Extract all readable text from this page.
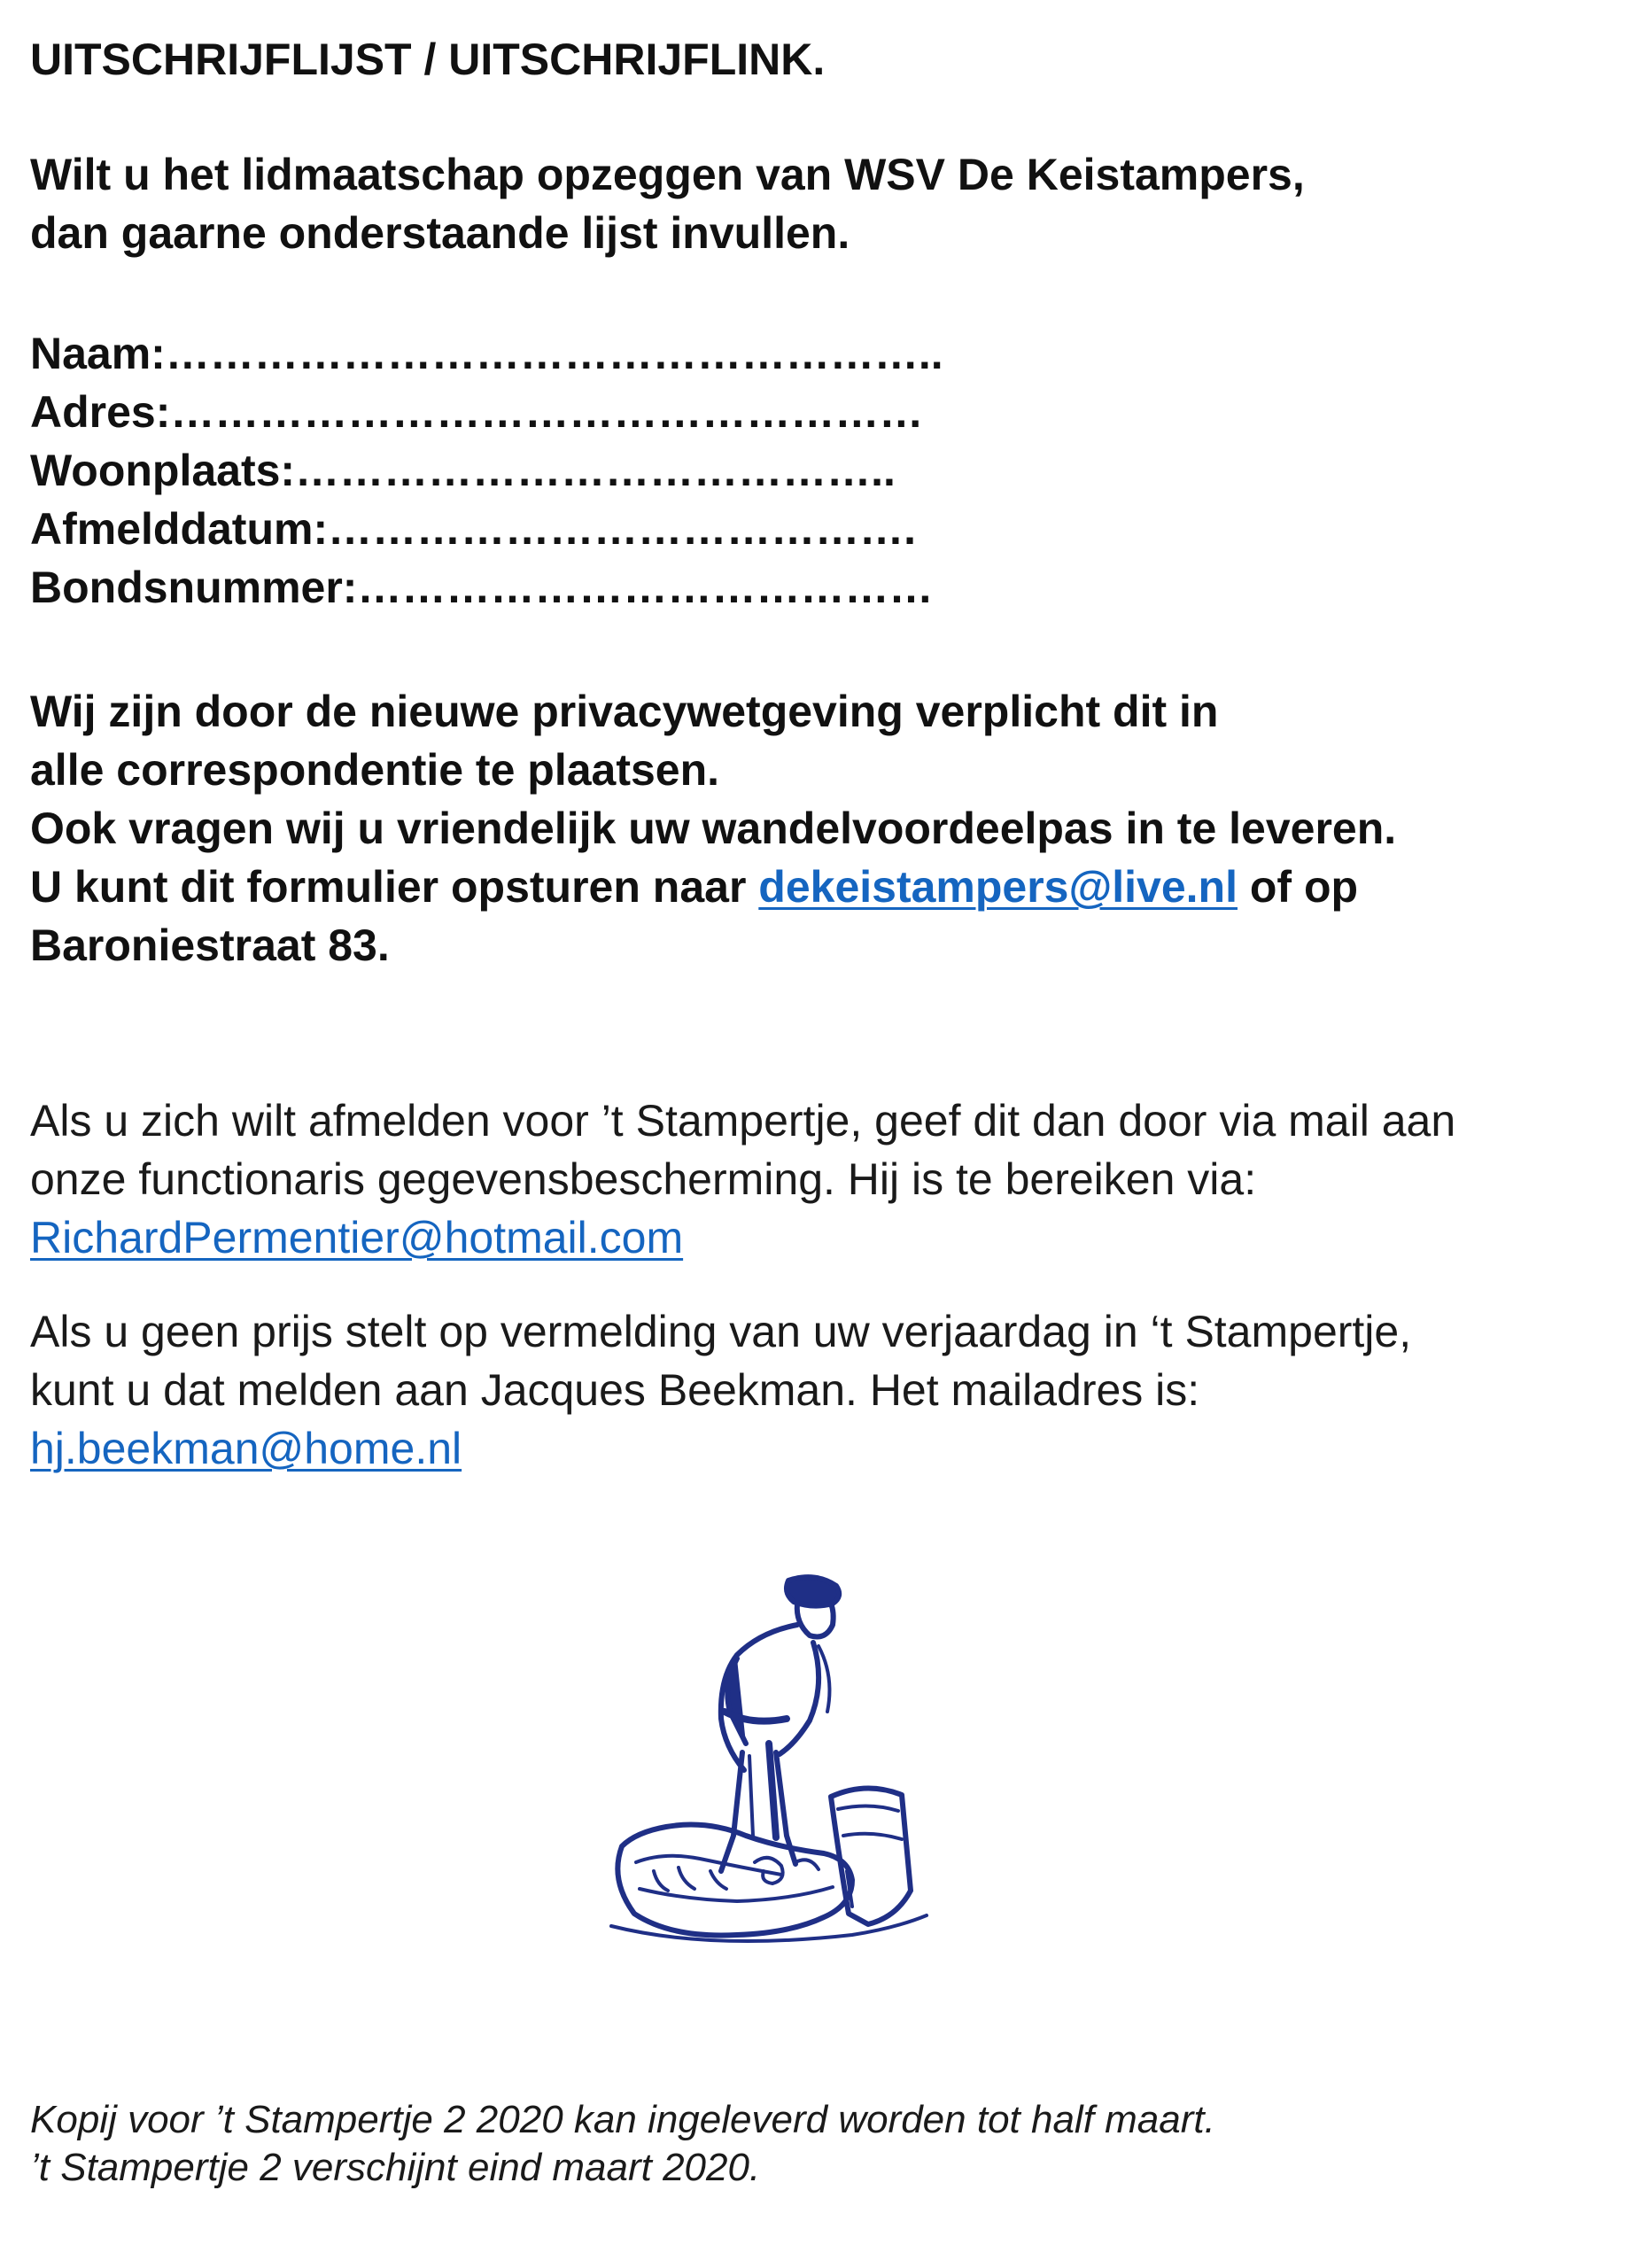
UITSCHRIJFLIJST / UITSCHRIJFLINK.

Wilt u het lidmaatschap opzeggen van WSV De Keistampers,
dan gaarne onderstaande lijst invullen.

Naam:……………………………………………..
Adres:……………………………………………
Woonplaats:…………………………………..
Afmelddatum:………………………………….
Bondsnummer:…………………………………

Wij zijn door de nieuwe privacywetgeving verplicht dit in
alle correspondentie te plaatsen.
Ook vragen wij u vriendelijk uw wandelvoordeelpas in te leveren.
U kunt dit formulier opsturen naar dekeistampers@live.nl of op
Baroniestraat 83.

Als u zich wilt afmelden voor ’t Stampertje, geef dit dan door via mail aan
onze functionaris gegevensbescherming. Hij is te bereiken via:
RichardPermentier@hotmail.com

Als u geen prijs stelt op vermelding van uw verjaardag in ‘t Stampertje,
kunt u dat melden aan Jacques Beekman. Het mailadres is:
hj.beekman@home.nl

Kopij voor ’t Stampertje 2 2020 kan ingeleverd worden tot half maart.
’t Stampertje 2 verschijnt eind maart 2020.
